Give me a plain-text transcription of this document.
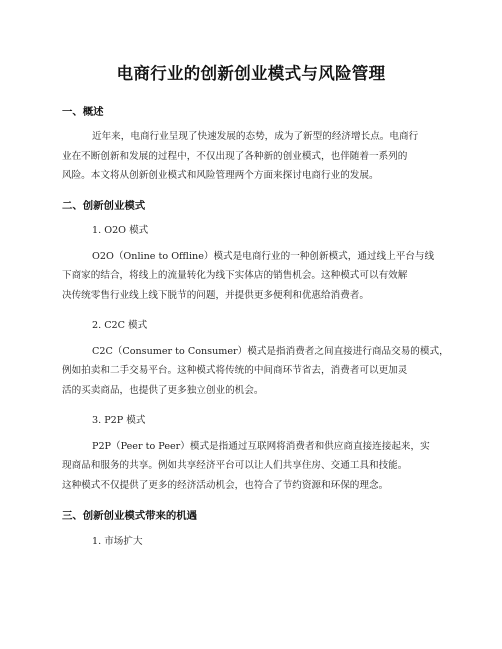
电商行业的创新创业模式与风险管理
一、概述
近年来，电商行业呈现了快速发展的态势，成为了新型的经济增长点。电商行
业在不断创新和发展的过程中，不仅出现了各种新的创业模式，也伴随着一系列的
风险。本文将从创新创业模式和风险管理两个方面来探讨电商行业的发展。
二、创新创业模式
1. O2O 模式
O2O（Online to Offline）模式是电商行业的一种创新模式，通过线上平台与线
下商家的结合，将线上的流量转化为线下实体店的销售机会。这种模式可以有效解
决传统零售行业线上线下脱节的问题，并提供更多便利和优惠给消费者。
2. C2C 模式
C2C（Consumer to Consumer）模式是指消费者之间直接进行商品交易的模式，
例如拍卖和二手交易平台。这种模式将传统的中间商环节省去，消费者可以更加灵
活的买卖商品，也提供了更多独立创业的机会。
3. P2P 模式
P2P（Peer to Peer）模式是指通过互联网将消费者和供应商直接连接起来，实
现商品和服务的共享。例如共享经济平台可以让人们共享住房、交通工具和技能。
这种模式不仅提供了更多的经济活动机会，也符合了节约资源和环保的理念。
三、创新创业模式带来的机遇
1. 市场扩大
